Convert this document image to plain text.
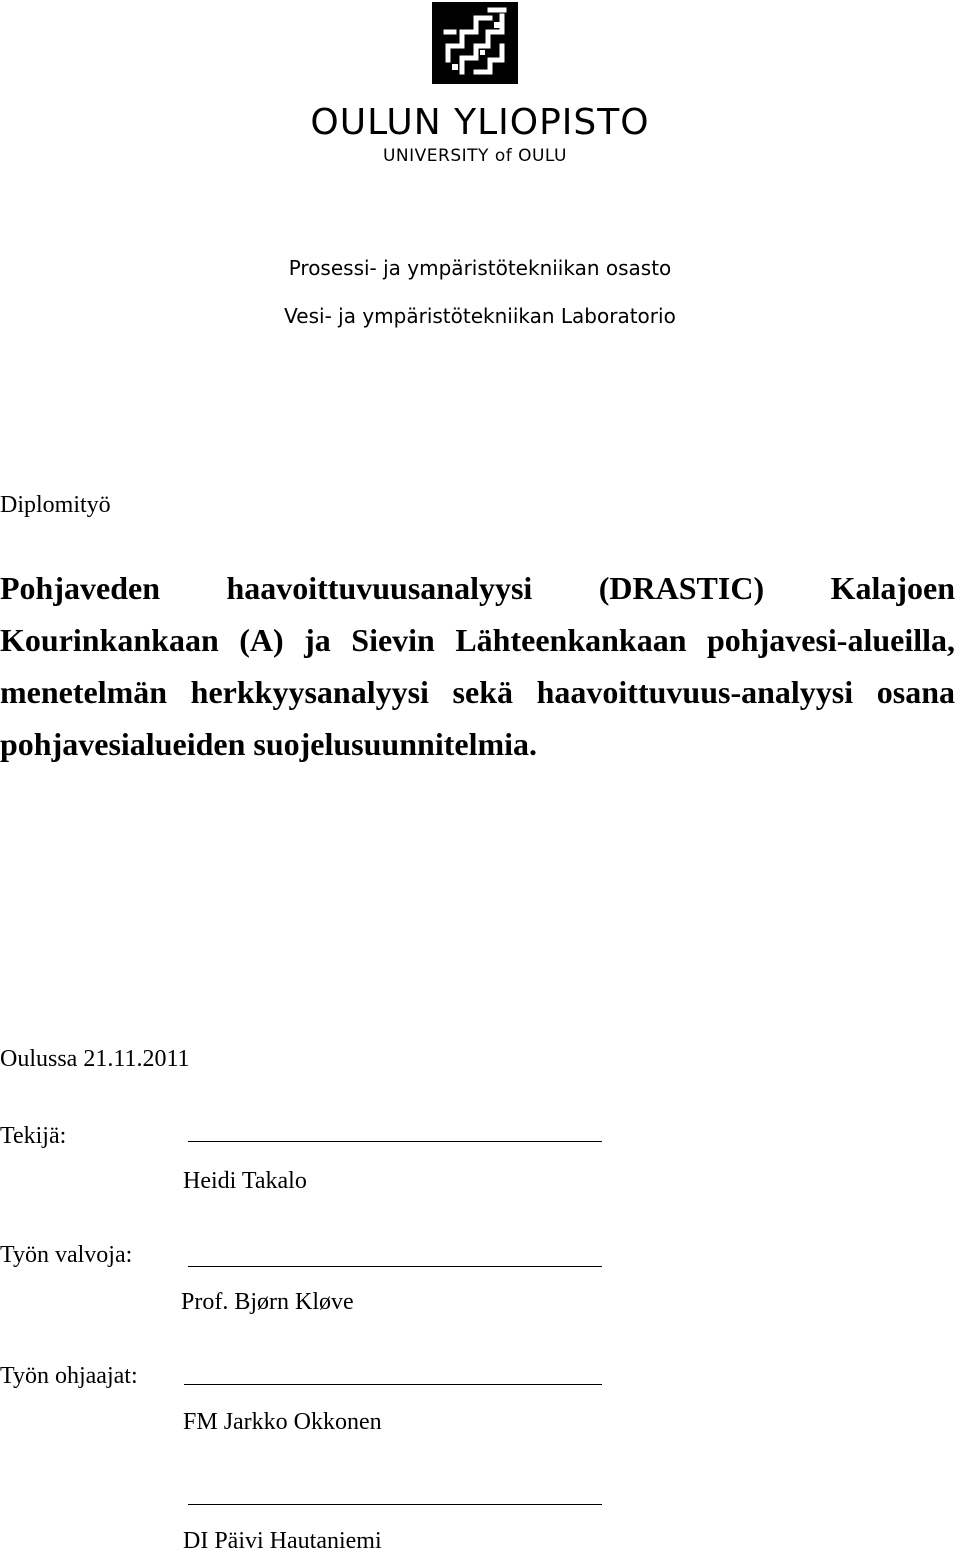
OULUN YLIOPISTO
UNIVERSITY of OULU
Prosessi- ja ympäristötekniikan osasto
Vesi- ja ympäristötekniikan Laboratorio
Diplomityö
Pohjaveden haavoittuvuusanalyysi (DRASTIC) Kalajoen Kourinkankaan (A) ja Sievin Lähteenkankaan pohjavesi-alueilla, menetelmän herkkyysanalyysi sekä haavoittuvuus-analyysi osana pohjavesialueiden suojelusuunnitelmia.
Oulussa 21.11.2011
Tekijä:
Heidi Takalo
Työn valvoja:
Prof. Bjørn Kløve
Työn ohjaajat:
FM Jarkko Okkonen
DI Päivi Hautaniemi
